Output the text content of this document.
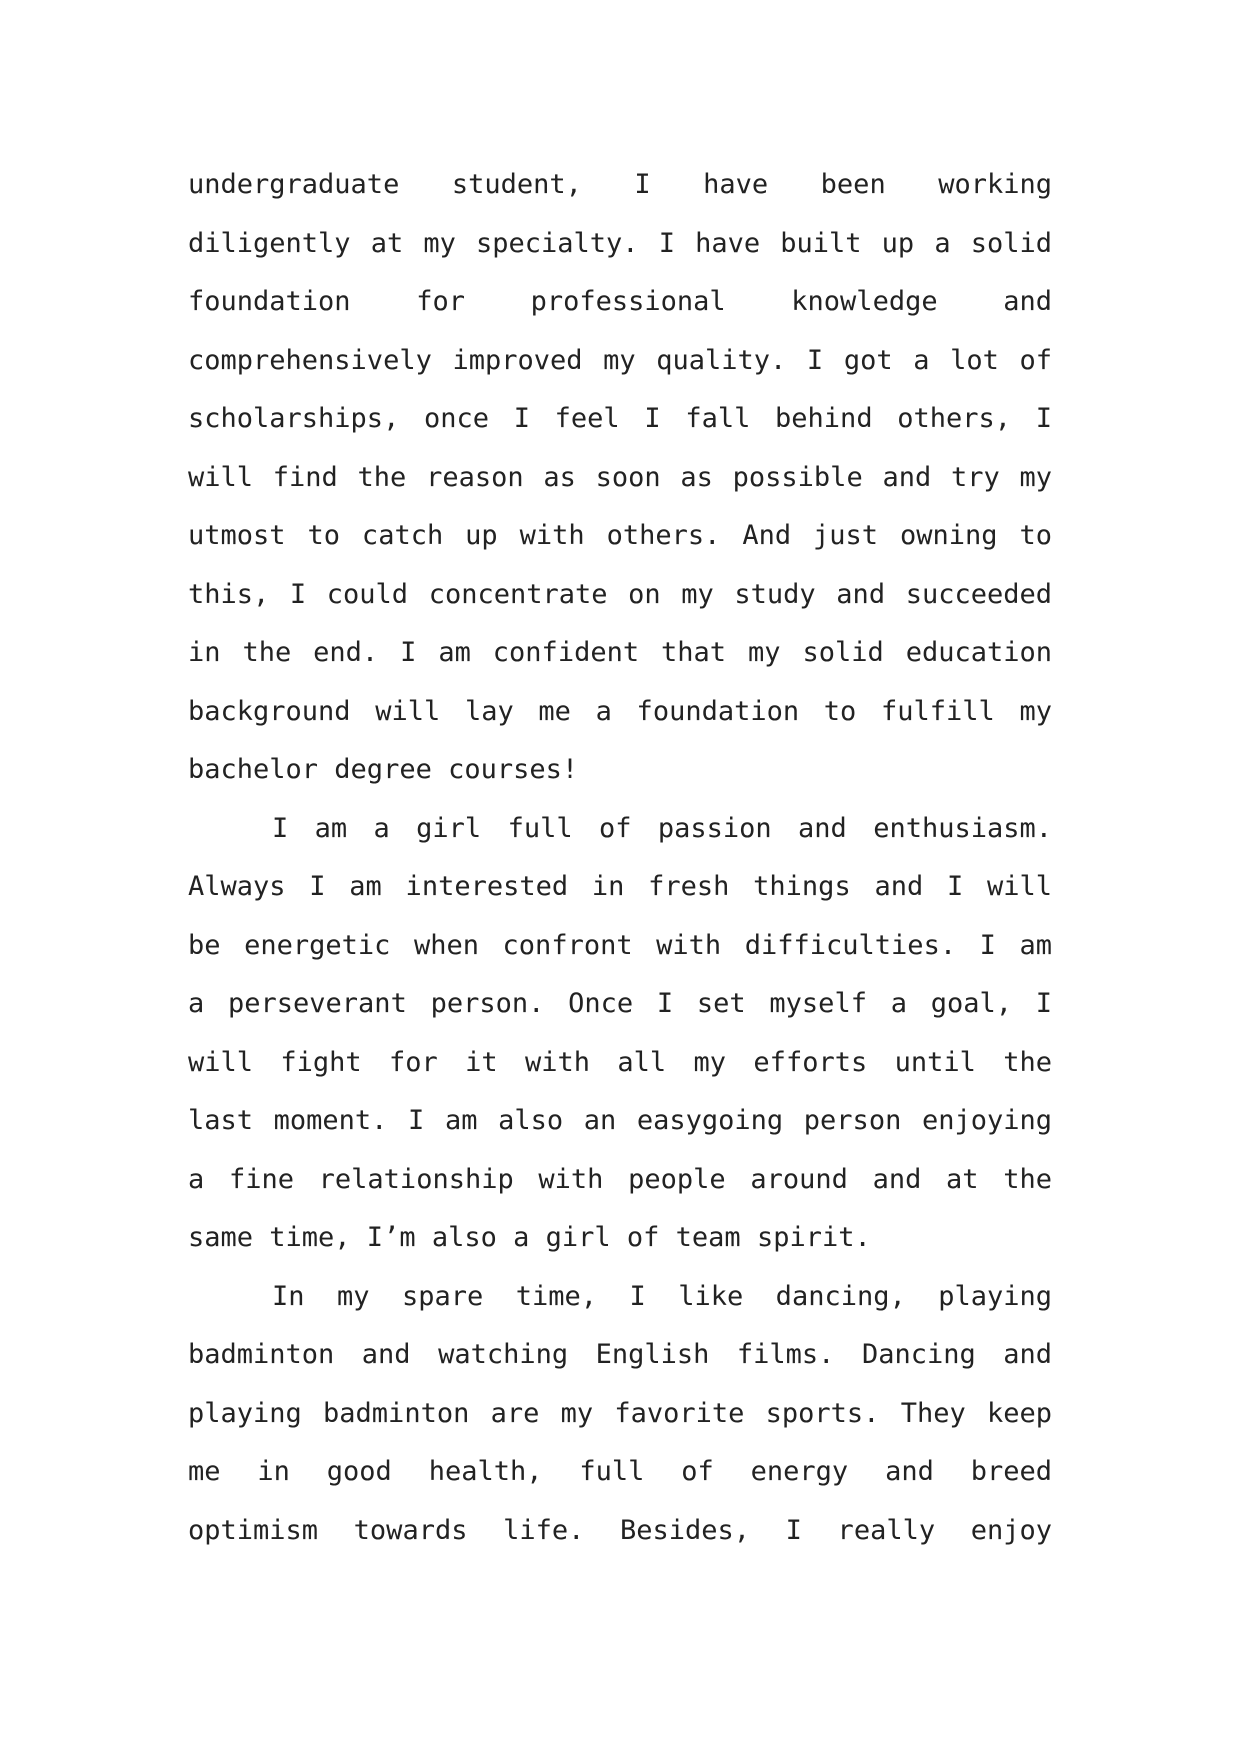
undergraduate student, I have been working
diligently at my specialty. I have built up a solid
foundation for professional knowledge and
comprehensively improved my quality. I got a lot of
scholarships, once I feel I fall behind others, I
will find the reason as soon as possible and try my
utmost to catch up with others. And just owning to
this, I could concentrate on my study and succeeded
in the end. I am confident that my solid education
background will lay me a foundation to fulfill my
bachelor degree courses!
I am a girl full of passion and enthusiasm.
Always I am interested in fresh things and I will
be energetic when confront with difficulties. I am
a perseverant person. Once I set myself a goal, I
will fight for it with all my efforts until the
last moment. I am also an easygoing person enjoying
a fine relationship with people around and at the
same time, I’m also a girl of team spirit.
In my spare time, I like dancing, playing
badminton and watching English films. Dancing and
playing badminton are my favorite sports. They keep
me in good health, full of energy and breed
optimism towards life. Besides, I really enjoy
